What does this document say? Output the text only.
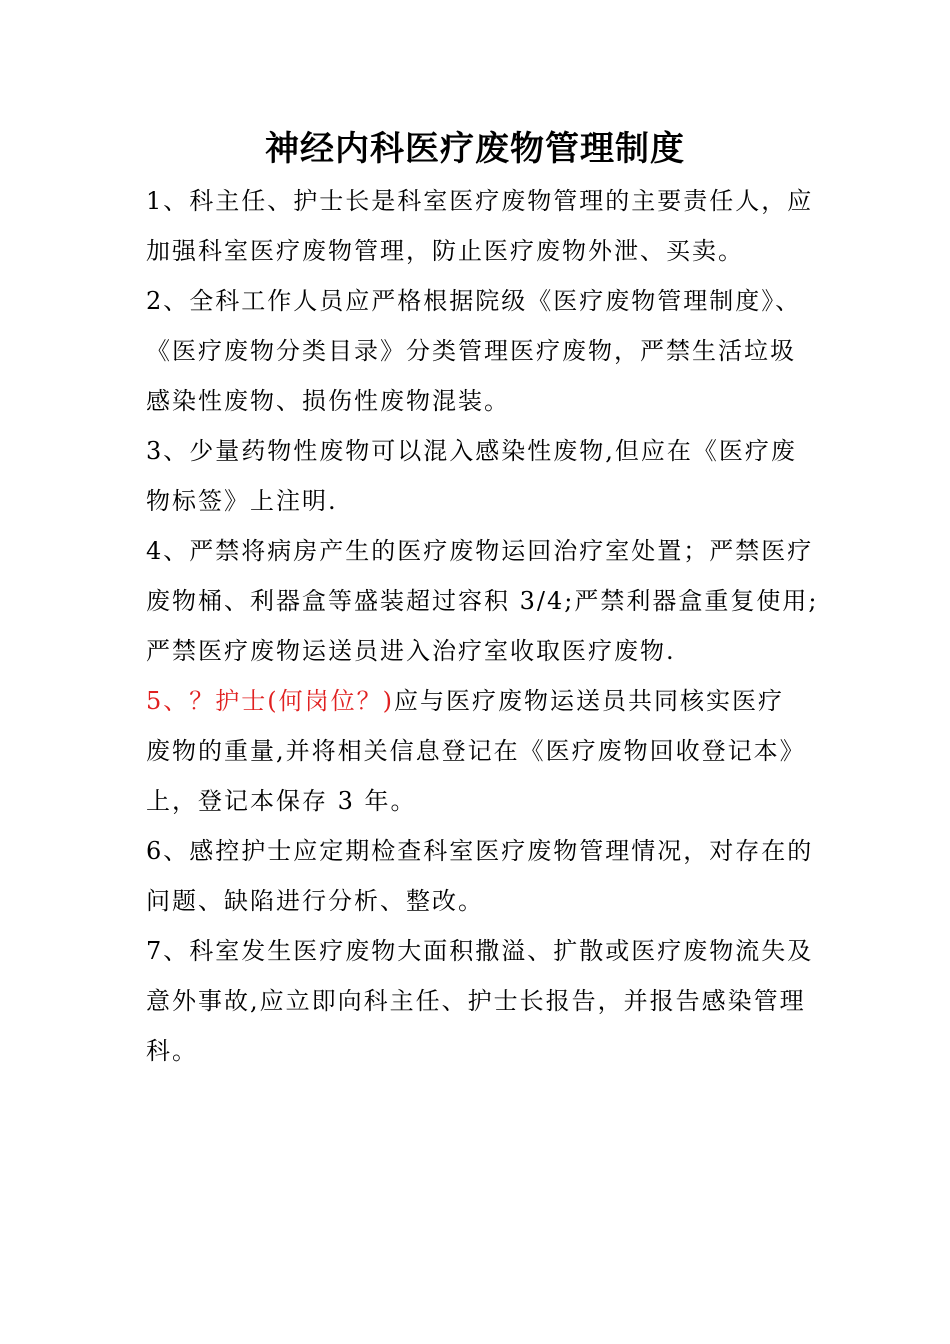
神经内科医疗废物管理制度

1、科主任、护士长是科室医疗废物管理的主要责任人，应
加强科室医疗废物管理，防止医疗废物外泄、买卖。

2、全科工作人员应严格根据院级《医疗废物管理制度》、
《医疗废物分类目录》分类管理医疗废物，严禁生活垃圾
感染性废物、损伤性废物混装。

3、少量药物性废物可以混入感染性废物,但应在《医疗废
物标签》上注明.

4、严禁将病房产生的医疗废物运回治疗室处置；严禁医疗
废物桶、利器盒等盛装超过容积 3/4;严禁利器盒重复使用;
严禁医疗废物运送员进入治疗室收取医疗废物.

5、？护士(何岗位？)应与医疗废物运送员共同核实医疗
废物的重量,并将相关信息登记在《医疗废物回收登记本》
上，登记本保存 3 年。

6、感控护士应定期检查科室医疗废物管理情况，对存在的
问题、缺陷进行分析、整改。

7、科室发生医疗废物大面积撒溢、扩散或医疗废物流失及
意外事故,应立即向科主任、护士长报告，并报告感染管理
科。
